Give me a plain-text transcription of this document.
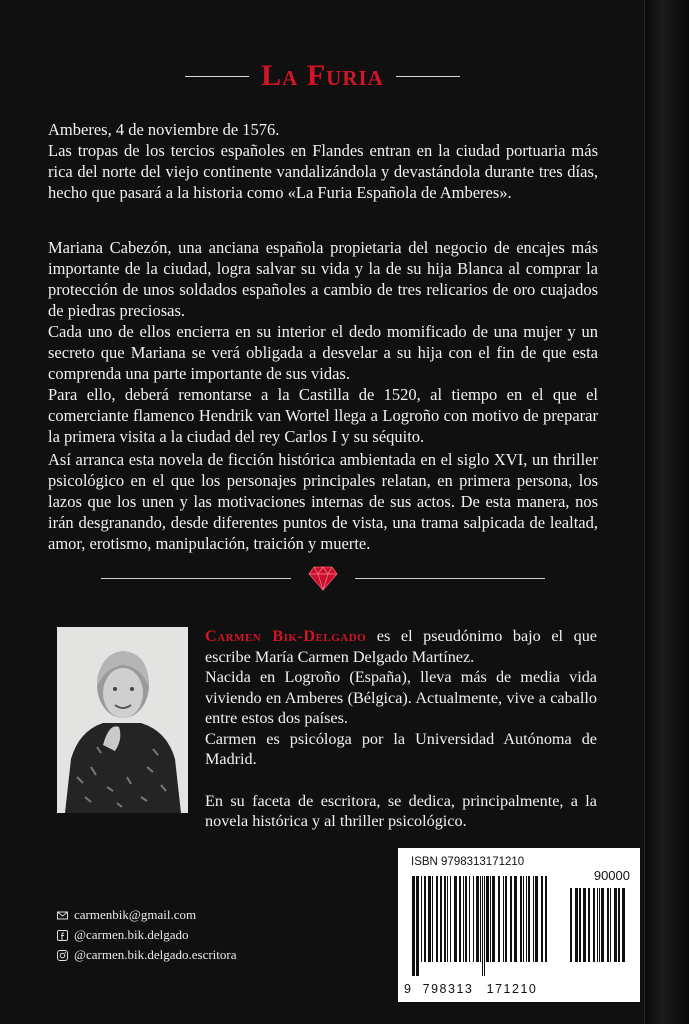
La Furia

Amberes, 4 de noviembre de 1576.

Las tropas de los tercios españoles en Flandes entran en la ciudad portuaria más rica del norte del viejo continente vandalizándola y devastándola durante tres días, hecho que pasará a la historia como «La Furia Española de Amberes».

Mariana Cabezón, una anciana española propietaria del negocio de encajes más importante de la ciudad, logra salvar su vida y la de su hija Blanca al comprar la protección de unos soldados españoles a cambio de tres relicarios de oro cuajados de piedras preciosas.

Cada uno de ellos encierra en su interior el dedo momificado de una mujer y un secreto que Mariana se verá obligada a desvelar a su hija con el fin de que esta comprenda una parte importante de sus vidas.

Para ello, deberá remontarse a la Castilla de 1520, al tiempo en el que el comerciante flamenco Hendrik van Wortel llega a Logroño con motivo de preparar la primera visita a la ciudad del rey Carlos I y su séquito.

Así arranca esta novela de ficción histórica ambientada en el siglo XVI, un thriller psicológico en el que los personajes principales relatan, en primera persona, los lazos que los unen y las motivaciones internas de sus actos. De esta manera, nos irán desgranando, desde diferentes puntos de vista, una trama salpicada de lealtad, amor, erotismo, manipulación, traición y muerte.

Carmen Bik-Delgado es el pseudónimo bajo el que escribe María Carmen Delgado Martínez.

Nacida en Logroño (España), lleva más de media vida viviendo en Amberes (Bélgica). Actualmente, vive a caballo entre estos dos países.

Carmen es psicóloga por la Universidad Autónoma de Madrid.

En su faceta de escritora, se dedica, principalmente, a la novela histórica y al thriller psicológico.

carmenbik@gmail.com
@carmen.bik.delgado
@carmen.bik.delgado.escritora
ISBN 9798313171210
90000
9 798313	171210
